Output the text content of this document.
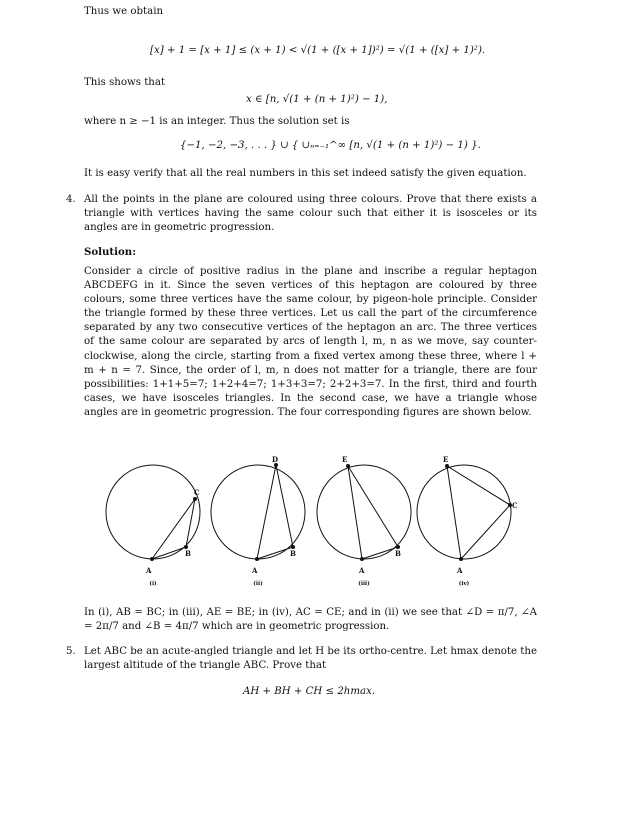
Thus we obtain
[x] + 1 = [x + 1] ≤ (x + 1) < √(1 + ([x + 1])²) = √(1 + ([x] + 1)²).
This shows that
x ∈ [n, √(1 + (n + 1)²) − 1),
where n ≥ −1 is an integer. Thus the solution set is
{−1, −2, −3, . . . } ∪ { ∪ₙ₌₋₁^∞ [n, √(1 + (n + 1)²) − 1) }.
It is easy verify that all the real numbers in this set indeed satisfy the given equation.
4. All the points in the plane are coloured using three colours. Prove that there exists a triangle with vertices having the same colour such that either it is isosceles or its angles are in geometric progression.
Solution:
Consider a circle of positive radius in the plane and inscribe a regular heptagon ABCDEFG in it. Since the seven vertices of this heptagon are coloured by three colours, some three vertices have the same colour, by pigeon-hole principle. Consider the triangle formed by these three vertices. Let us call the part of the circumference separated by any two consecutive vertices of the heptagon an arc. The three vertices of the same colour are separated by arcs of length l, m, n as we move, say counter-clockwise, along the circle, starting from a fixed vertex among these three, where l + m + n = 7. Since, the order of l, m, n does not matter for a triangle, there are four possibilities: 1+1+5=7; 1+2+4=7; 1+3+3=7; 2+2+3=7. In the first, third and fourth cases, we have isosceles triangles. In the second case, we have a triangle whose angles are in geometric progression. The four corresponding figures are shown below.
A
B
C
A
B
D
A
B
E
A
C
E
(i)	(ii)	(iii)	(iv)
In (i), AB = BC; in (iii), AE = BE; in (iv), AC = CE; and in (ii) we see that ∠D = π/7, ∠A = 2π/7 and ∠B = 4π/7 which are in geometric progression.
5. Let ABC be an acute-angled triangle and let H be its ortho-centre. Let hmax denote the largest altitude of the triangle ABC. Prove that
AH + BH + CH ≤ 2hmax.
